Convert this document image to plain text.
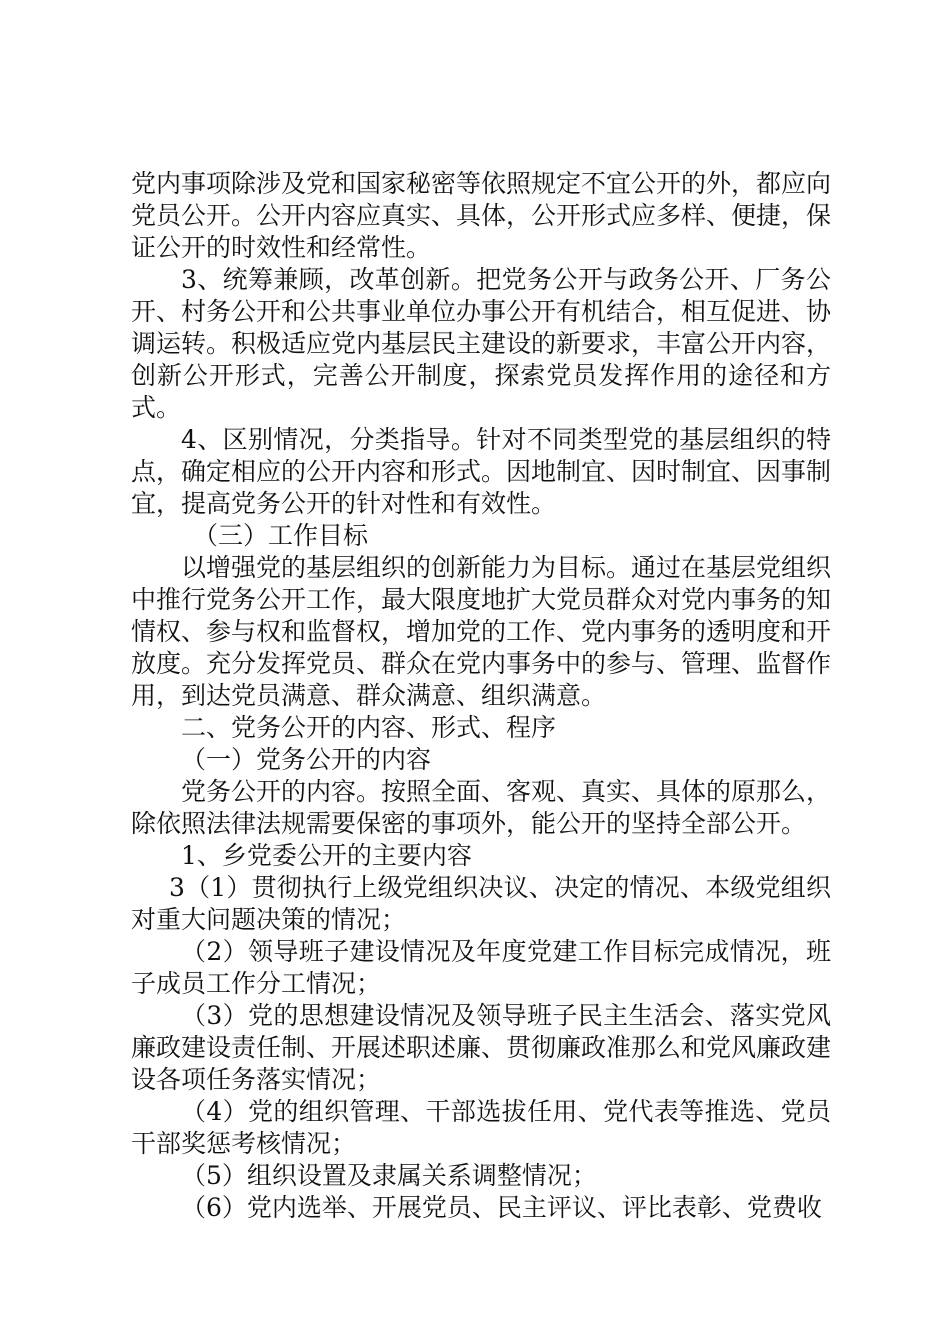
党内事项除涉及党和国家秘密等依照规定不宜公开的外，都应向党员公开。公开内容应真实、具体，公开形式应多样、便捷，保证公开的时效性和经常性。

3、统筹兼顾，改革创新。把党务公开与政务公开、厂务公开、村务公开和公共事业单位办事公开有机结合，相互促进、协调运转。积极适应党内基层民主建设的新要求，丰富公开内容，创新公开形式，完善公开制度，探索党员发挥作用的途径和方式。

4、区别情况，分类指导。针对不同类型党的基层组织的特点，确定相应的公开内容和形式。因地制宜、因时制宜、因事制宜，提高党务公开的针对性和有效性。

（三）工作目标

以增强党的基层组织的创新能力为目标。通过在基层党组织中推行党务公开工作，最大限度地扩大党员群众对党内事务的知情权、参与权和监督权，增加党的工作、党内事务的透明度和开放度。充分发挥党员、群众在党内事务中的参与、管理、监督作用，到达党员满意、群众满意、组织满意。

二、党务公开的内容、形式、程序

（一）党务公开的内容

党务公开的内容。按照全面、客观、真实、具体的原那么，除依照法律法规需要保密的事项外，能公开的坚持全部公开。

1、乡党委公开的主要内容

3（1）贯彻执行上级党组织决议、决定的情况、本级党组织对重大问题决策的情况；

（2）领导班子建设情况及年度党建工作目标完成情况，班子成员工作分工情况；

（3）党的思想建设情况及领导班子民主生活会、落实党风廉政建设责任制、开展述职述廉、贯彻廉政准那么和党风廉政建设各项任务落实情况；

（4）党的组织管理、干部选拔任用、党代表等推选、党员干部奖惩考核情况；

（5）组织设置及隶属关系调整情况；

（6）党内选举、开展党员、民主评议、评比表彰、党费收
